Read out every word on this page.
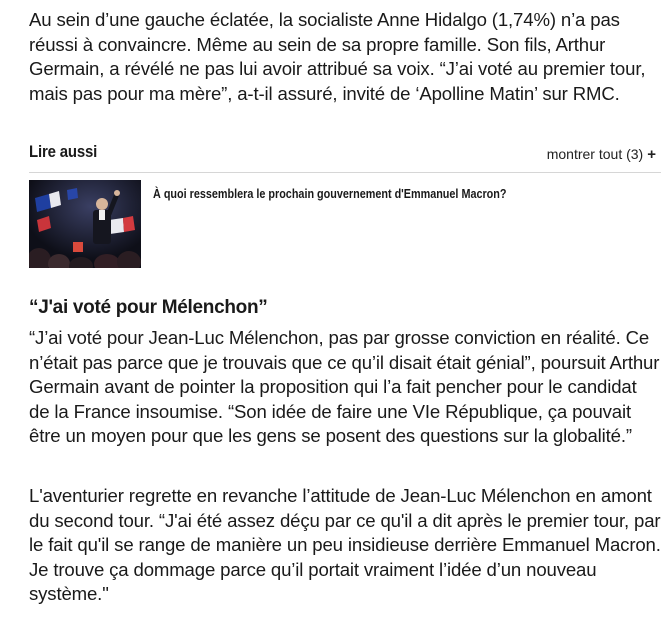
Au sein d’une gauche éclatée, la socialiste Anne Hidalgo (1,74%) n’a pas réussi à convaincre. Même au sein de sa propre famille. Son fils, Arthur Germain, a révélé ne pas lui avoir attribué sa voix. “J’ai voté au premier tour, mais pas pour ma mère”, a-t-il assuré, invité de ‘Apolline Matin’ sur RMC.

Lire aussi	montrer tout (3) +
À quoi ressemblera le prochain gouvernement d'Emmanuel Macron?
“J'ai voté pour Mélenchon”

“J’ai voté pour Jean-Luc Mélenchon, pas par grosse conviction en réalité. Ce n’était pas parce que je trouvais que ce qu’il disait était génial”, poursuit Arthur Germain avant de pointer la proposition qui l’a fait pencher pour le candidat de la France insoumise. “Son idée de faire une VIe République, ça pouvait être un moyen pour que les gens se posent des questions sur la globalité.”

L'aventurier regrette en revanche l’attitude de Jean-Luc Mélenchon en amont du second tour. “J'ai été assez déçu par ce qu'il a dit après le premier tour, par le fait qu'il se range de manière un peu insidieuse derrière Emmanuel Macron. Je trouve ça dommage parce qu’il portait vraiment l’idée d’un nouveau système."
